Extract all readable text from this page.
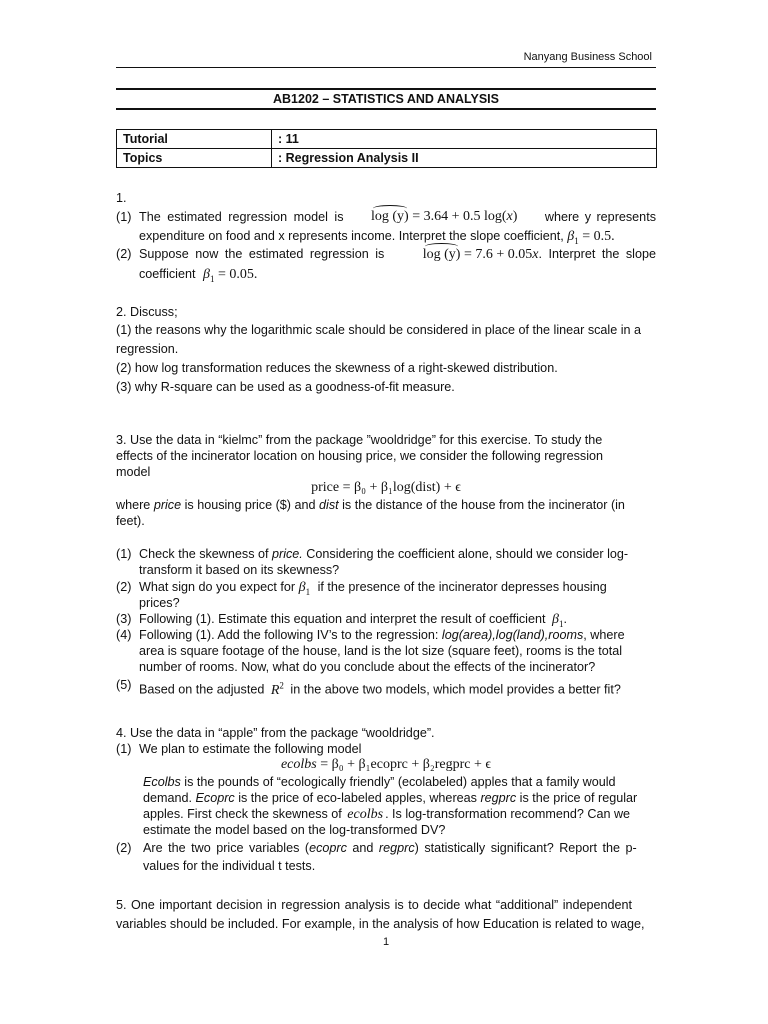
Nanyang Business School
AB1202 – STATISTICS AND ANALYSIS
Tutorial	: 11
Topics	: Regression Analysis II
1.
(1) The estimated regression model is log (y) = 3.64 + 0.5 log(x) where y represents
expenditure on food and x represents income. Interpret the slope coefficient, $\beta_1 = 0.5$.
(2) Suppose now the estimated regression is	log (y) = 7.6 + 0.05x. Interpret the slope
coefficient $\beta_1 = 0.05$.
2. Discuss;
(1) the reasons why the logarithmic scale should be considered in place of the linear scale in a
regression.
(2) how log transformation reduces the skewness of a right-skewed distribution.
(3) why R-square can be used as a goodness-of-fit measure.
3. Use the data in “kielmc” from the package ”wooldridge” for this exercise. To study the
effects of the incinerator location on housing price, we consider the following regression
model
price = β₀ + β₁log(dist) + ϵ
where price is housing price ($) and dist is the distance of the house from the incinerator (in
feet).
(1) Check the skewness of price. Considering the coefficient alone, should we consider log-
transform it based on its skewness?
(2) What sign do you expect for $\beta_1$ if the presence of the incinerator depresses housing
prices?
(3) Following (1). Estimate this equation and interpret the result of coefficient $\beta_1$.
(4) Following (1). Add the following IV’s to the regression: log(area),log(land),rooms, where
area is square footage of the house, land is the lot size (square feet), rooms is the total
number of rooms. Now, what do you conclude about the effects of the incinerator?
(5) Based on the adjusted $R^2$ in the above two models, which model provides a better fit?
4. Use the data in “apple” from the package “wooldridge”.
(1) We plan to estimate the following model
ecolbs = β₀ + β₁ecoprc + β₂regprc + ϵ
Ecolbs is the pounds of “ecologically friendly” (ecolabeled) apples that a family would
demand. Ecoprc is the price of eco-labeled apples, whereas regprc is the price of regular
apples. First check the skewness of ecolbs . Is log-transformation recommend? Can we
estimate the model based on the log-transformed DV?
(2) Are the two price variables (ecoprc and regprc) statistically significant? Report the p-
values for the individual t tests.
5. One important decision in regression analysis is to decide what “additional” independent
variables should be included. For example, in the analysis of how Education is related to wage,
1
